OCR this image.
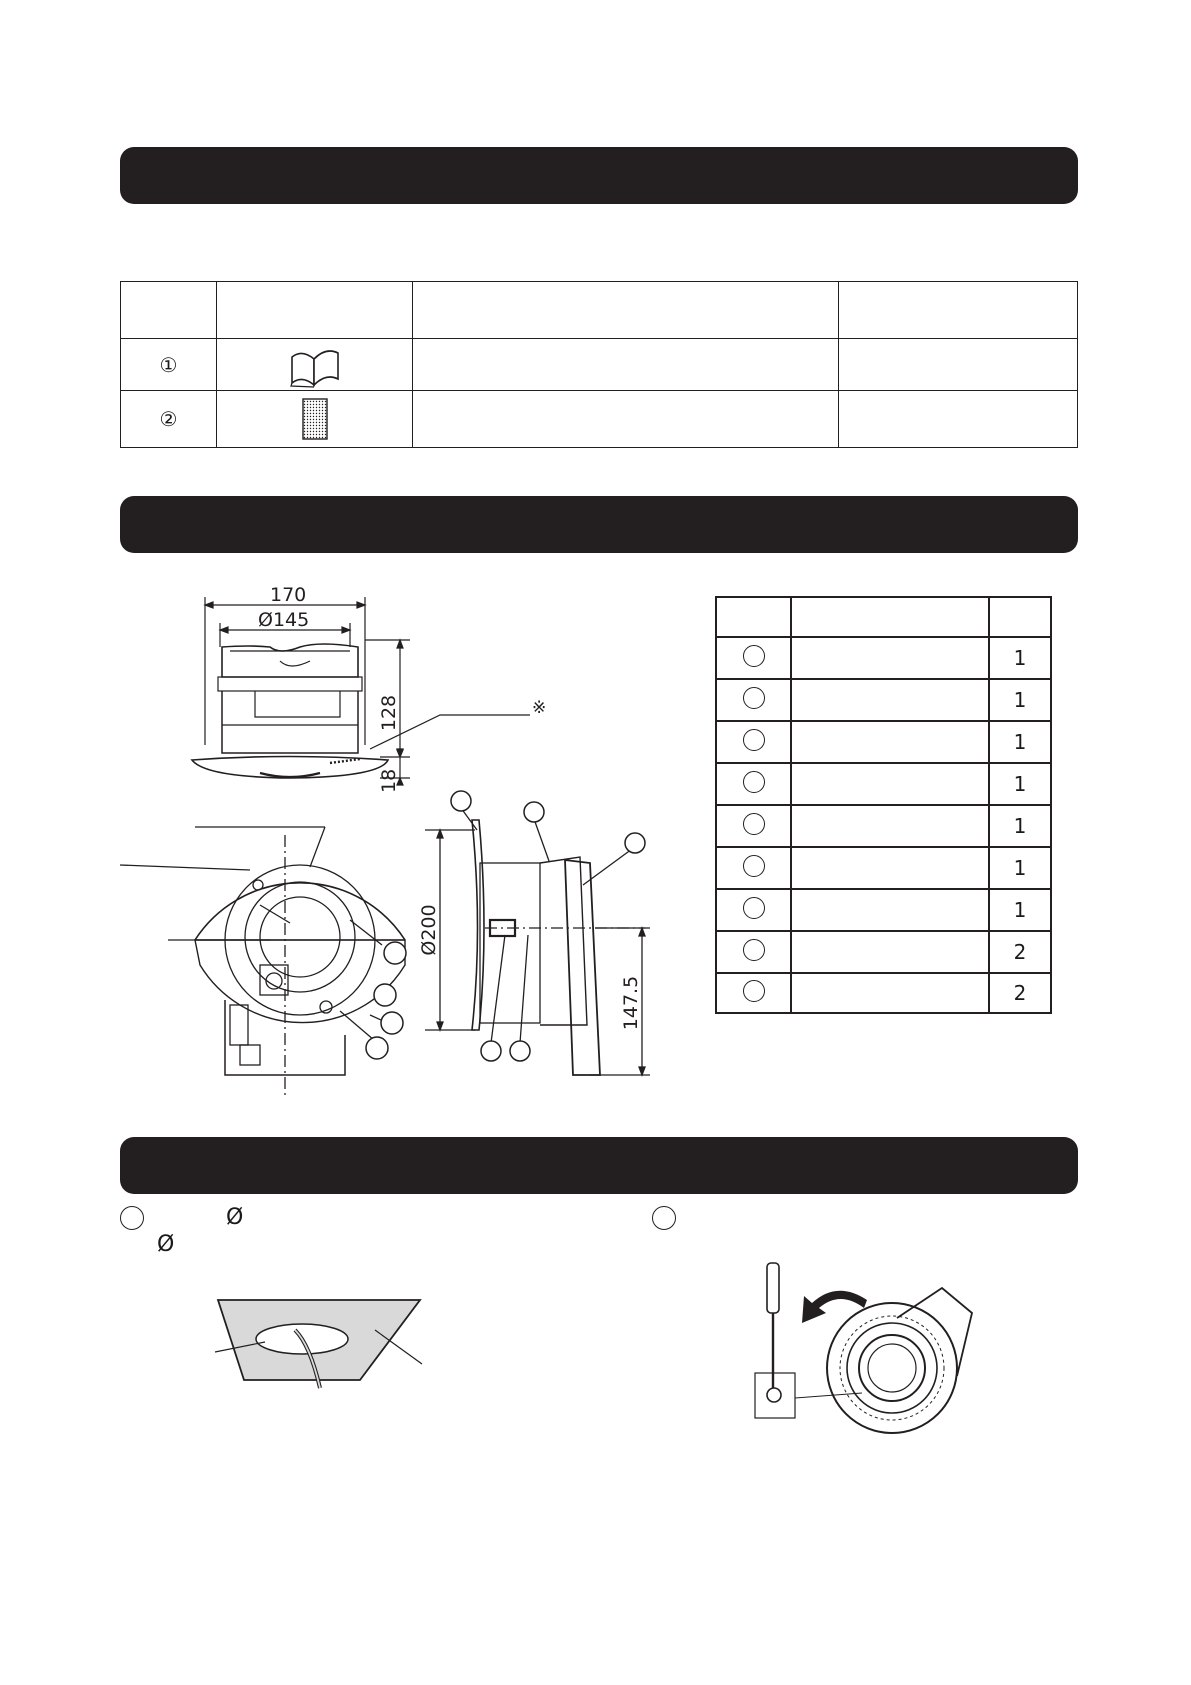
①			
②			

		1
		1
		1
		1
		1
		1
		1
		2
		2
170
Ø145
128
18
※
Ø200
147.5
Ø
Ø
